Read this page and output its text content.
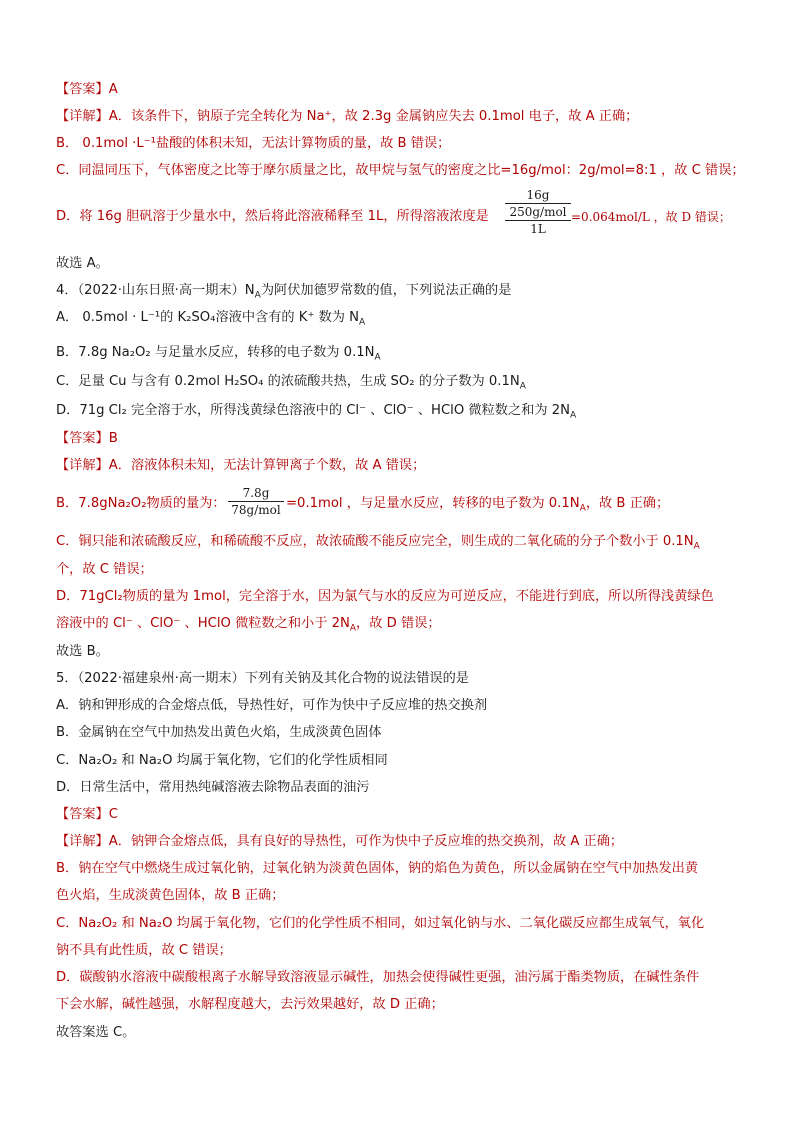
【答案】A
【详解】A．该条件下，钠原子完全转化为 Na⁺，故 2.3g 金属钠应失去 0.1mol 电子，故 A 正确；
B． 0.1mol ·L⁻¹盐酸的体积未知，无法计算物质的量，故 B 错误；
C．同温同压下，气体密度之比等于摩尔质量之比，故甲烷与氢气的密度之比=16g/mol：2g/mol=8:1 ，故 C 错误；
D．将 16g 胆矾溶于少量水中，然后将此溶液稀释至 1L，所得溶液浓度是
16g
250g/mol
1L
=0.064mol/L ，故 D 错误；
故选 A。
4．（2022·山东日照·高一期末）$N_A$为阿伏加德罗常数的值，下列说法正确的是
A． 0.5mol · L⁻¹的 K₂SO₄溶液中含有的 K⁺ 数为 $N_A$
B．7.8g Na₂O₂ 与足量水反应，转移的电子数为 $0.1N_A$
C．足量 Cu 与含有 0.2mol H₂SO₄ 的浓硫酸共热，生成 SO₂ 的分子数为 $0.1N_A$
D．71g Cl₂ 完全溶于水，所得浅黄绿色溶液中的 Cl⁻ 、ClO⁻ 、HClO 微粒数之和为 $2N_A$
【答案】B
【详解】A．溶液体积未知，无法计算钾离子个数，故 A 错误；
B．7.8gNa₂O₂物质的量为：
7.8g
78g/mol =0.1mol ，与足量水反应，转移的电子数为 $0.1N_A$，故 B 正确；
C．铜只能和浓硫酸反应，和稀硫酸不反应，故浓硫酸不能反应完全，则生成的二氧化硫的分子个数小于 $0.1N_A$
个，故 C 错误；
D．71gCl₂物质的量为 1mol，完全溶于水，因为氯气与水的反应为可逆反应，不能进行到底，所以所得浅黄绿色
溶液中的 Cl⁻ 、ClO⁻ 、HClO 微粒数之和小于 $2N_A$，故 D 错误；
故选 B。
5．（2022·福建泉州·高一期末）下列有关钠及其化合物的说法错误的是
A．钠和钾形成的合金熔点低，导热性好，可作为快中子反应堆的热交换剂
B．金属钠在空气中加热发出黄色火焰，生成淡黄色固体
C．Na₂O₂ 和 Na₂O 均属于氧化物，它们的化学性质相同
D．日常生活中，常用热纯碱溶液去除物品表面的油污
【答案】C
【详解】A．钠钾合金熔点低，具有良好的导热性，可作为快中子反应堆的热交换剂，故 A 正确；
B．钠在空气中燃烧生成过氧化钠，过氧化钠为淡黄色固体，钠的焰色为黄色，所以金属钠在空气中加热发出黄
色火焰，生成淡黄色固体，故 B 正确；
C．Na₂O₂ 和 Na₂O 均属于氧化物，它们的化学性质不相同，如过氧化钠与水、二氧化碳反应都生成氧气，氧化
钠不具有此性质，故 C 错误；
D．碳酸钠水溶液中碳酸根离子水解导致溶液显示碱性，加热会使得碱性更强，油污属于酯类物质，在碱性条件
下会水解，碱性越强，水解程度越大，去污效果越好，故 D 正确；
故答案选 C。
